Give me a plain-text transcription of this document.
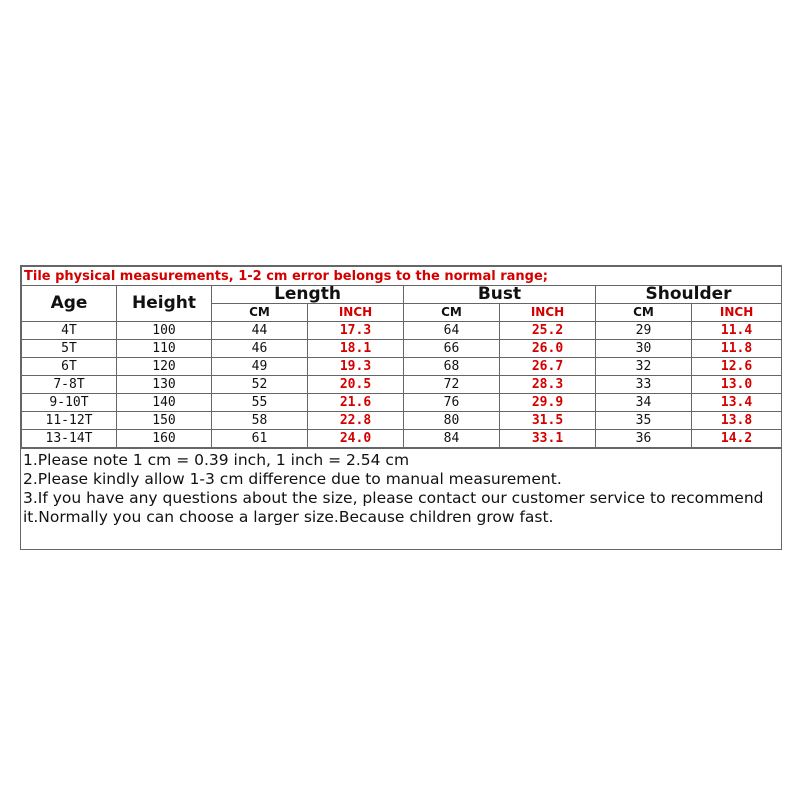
Tile physical measurements, 1-2 cm error belongs to the normal range;							
Age	Height	Length		Bust		Shoulder	
		CM	INCH	CM	INCH	CM	INCH
4T	100	44	17.3	64	25.2	29	11.4
5T	110	46	18.1	66	26.0	30	11.8
6T	120	49	19.3	68	26.7	32	12.6
7-8T	130	52	20.5	72	28.3	33	13.0
9-10T	140	55	21.6	76	29.9	34	13.4
11-12T	150	58	22.8	80	31.5	35	13.8
13-14T	160	61	24.0	84	33.1	36	14.2
1.Please note 1 cm = 0.39 inch, 1 inch = 2.54 cm
2.Please kindly allow 1-3 cm difference due to manual measurement.
3.If you have any questions about the size, please contact our customer service to recommend it.Normally you can choose a larger size.Because children grow fast.
